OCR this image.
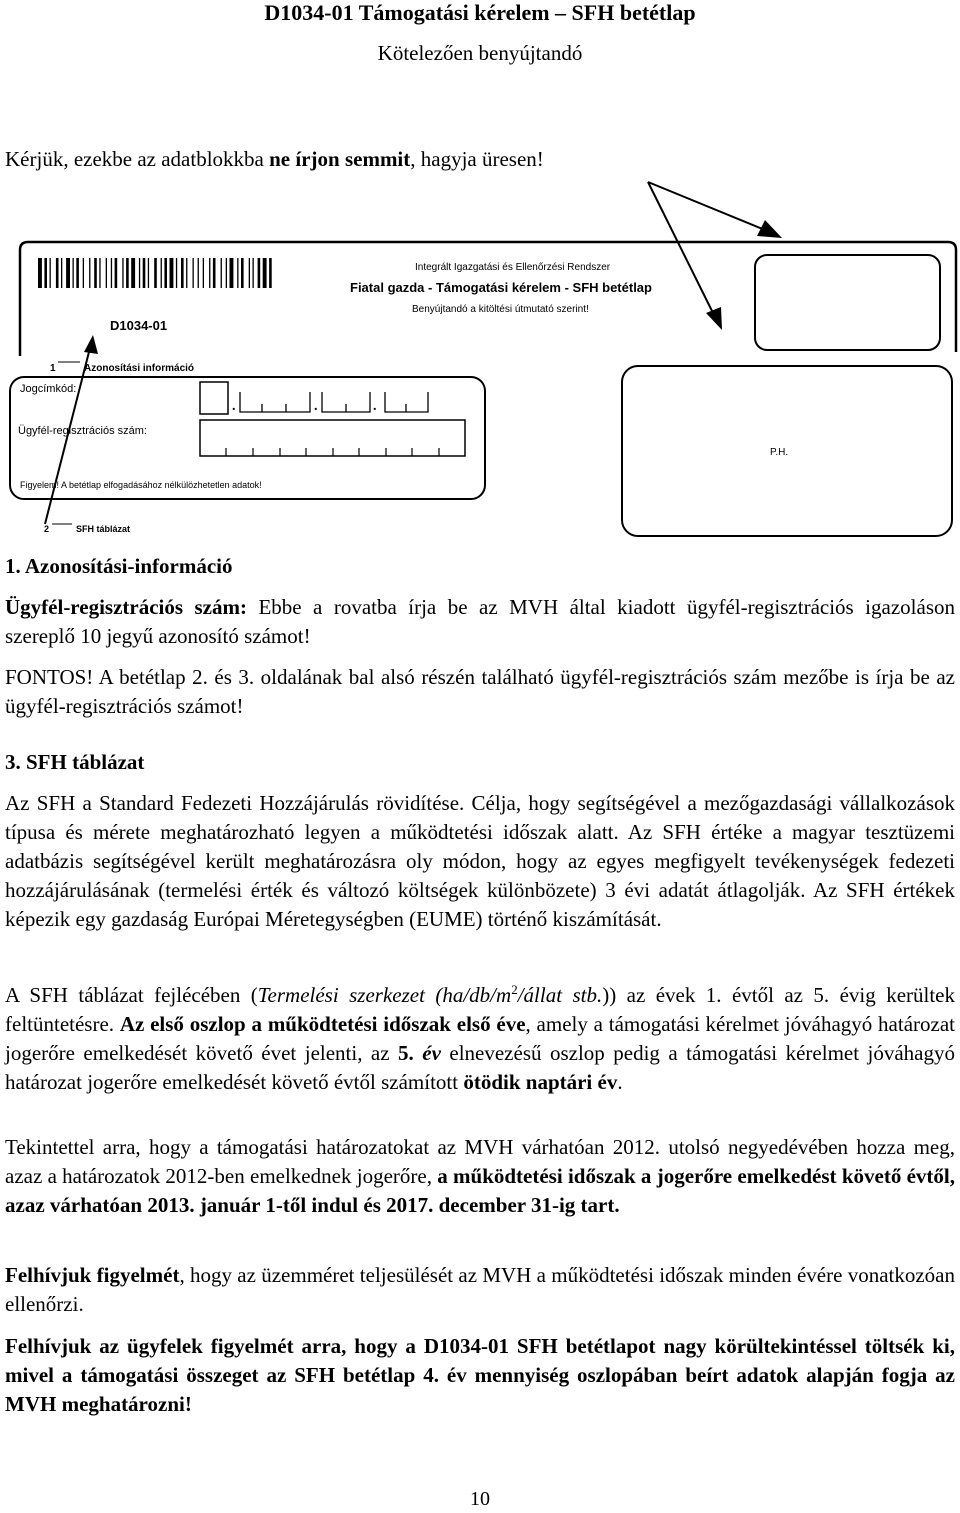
D1034-01 Támogatási kérelem – SFH betétlap
Kötelezően benyújtandó
Kérjük, ezekbe az adatblokkba ne írjon semmit, hagyja üresen!
D1034-01
Integrált Igazgatási és Ellenőrzési Rendszer
Fiatal gazda - Támogatási kérelem - SFH betétlap
Benyújtandó a kitöltési útmutató szerint!
1	Azonosítási információ
Jogcímkód:
.	.	.
Ügyfél-regisztrációs szám:
Figyelem! A betétlap elfogadásához nélkülözhetetlen adatok!
P.H.
2	SFH táblázat
1. Azonosítási-információ
Ügyfél-regisztrációs szám: Ebbe a rovatba írja be az MVH által kiadott ügyfél-regisztrációs igazoláson szereplő 10 jegyű azonosító számot!
FONTOS! A betétlap 2. és 3. oldalának bal alsó részén található ügyfél-regisztrációs szám mezőbe is írja be az ügyfél-regisztrációs számot!
3. SFH táblázat
Az SFH a Standard Fedezeti Hozzájárulás rövidítése. Célja, hogy segítségével a mezőgazdasági vállalkozások típusa és mérete meghatározható legyen a működtetési időszak alatt. Az SFH értéke a magyar tesztüzemi adatbázis segítségével került meghatározásra oly módon, hogy az egyes megfigyelt tevékenységek fedezeti hozzájárulásának (termelési érték és változó költségek különbözete) 3 évi adatát átlagolják. Az SFH értékek képezik egy gazdaság Európai Méretegységben (EUME) történő kiszámítását.
A SFH táblázat fejlécében (Termelési szerkezet ($ha/db/m^2$/állat stb.)) az évek 1. évtől az 5. évig kerültek feltüntetésre. Az első oszlop a működtetési időszak első éve, amely a támogatási kérelmet jóváhagyó határozat jogerőre emelkedését követő évet jelenti, az 5. év elnevezésű oszlop pedig a támogatási kérelmet jóváhagyó határozat jogerőre emelkedését követő évtől számított ötödik naptári év.
Tekintettel arra, hogy a támogatási határozatokat az MVH várhatóan 2012. utolsó negyedévében hozza meg, azaz a határozatok 2012-ben emelkednek jogerőre, a működtetési időszak a jogerőre emelkedést követő évtől, azaz várhatóan 2013. január 1-től indul és 2017. december 31-ig tart.
Felhívjuk figyelmét, hogy az üzemméret teljesülését az MVH a működtetési időszak minden évére vonatkozóan ellenőrzi.
Felhívjuk az ügyfelek figyelmét arra, hogy a D1034-01 SFH betétlapot nagy körültekintéssel töltsék ki, mivel a támogatási összeget az SFH betétlap 4. év mennyiség oszlopában beírt adatok alapján fogja az MVH meghatározni!
10
